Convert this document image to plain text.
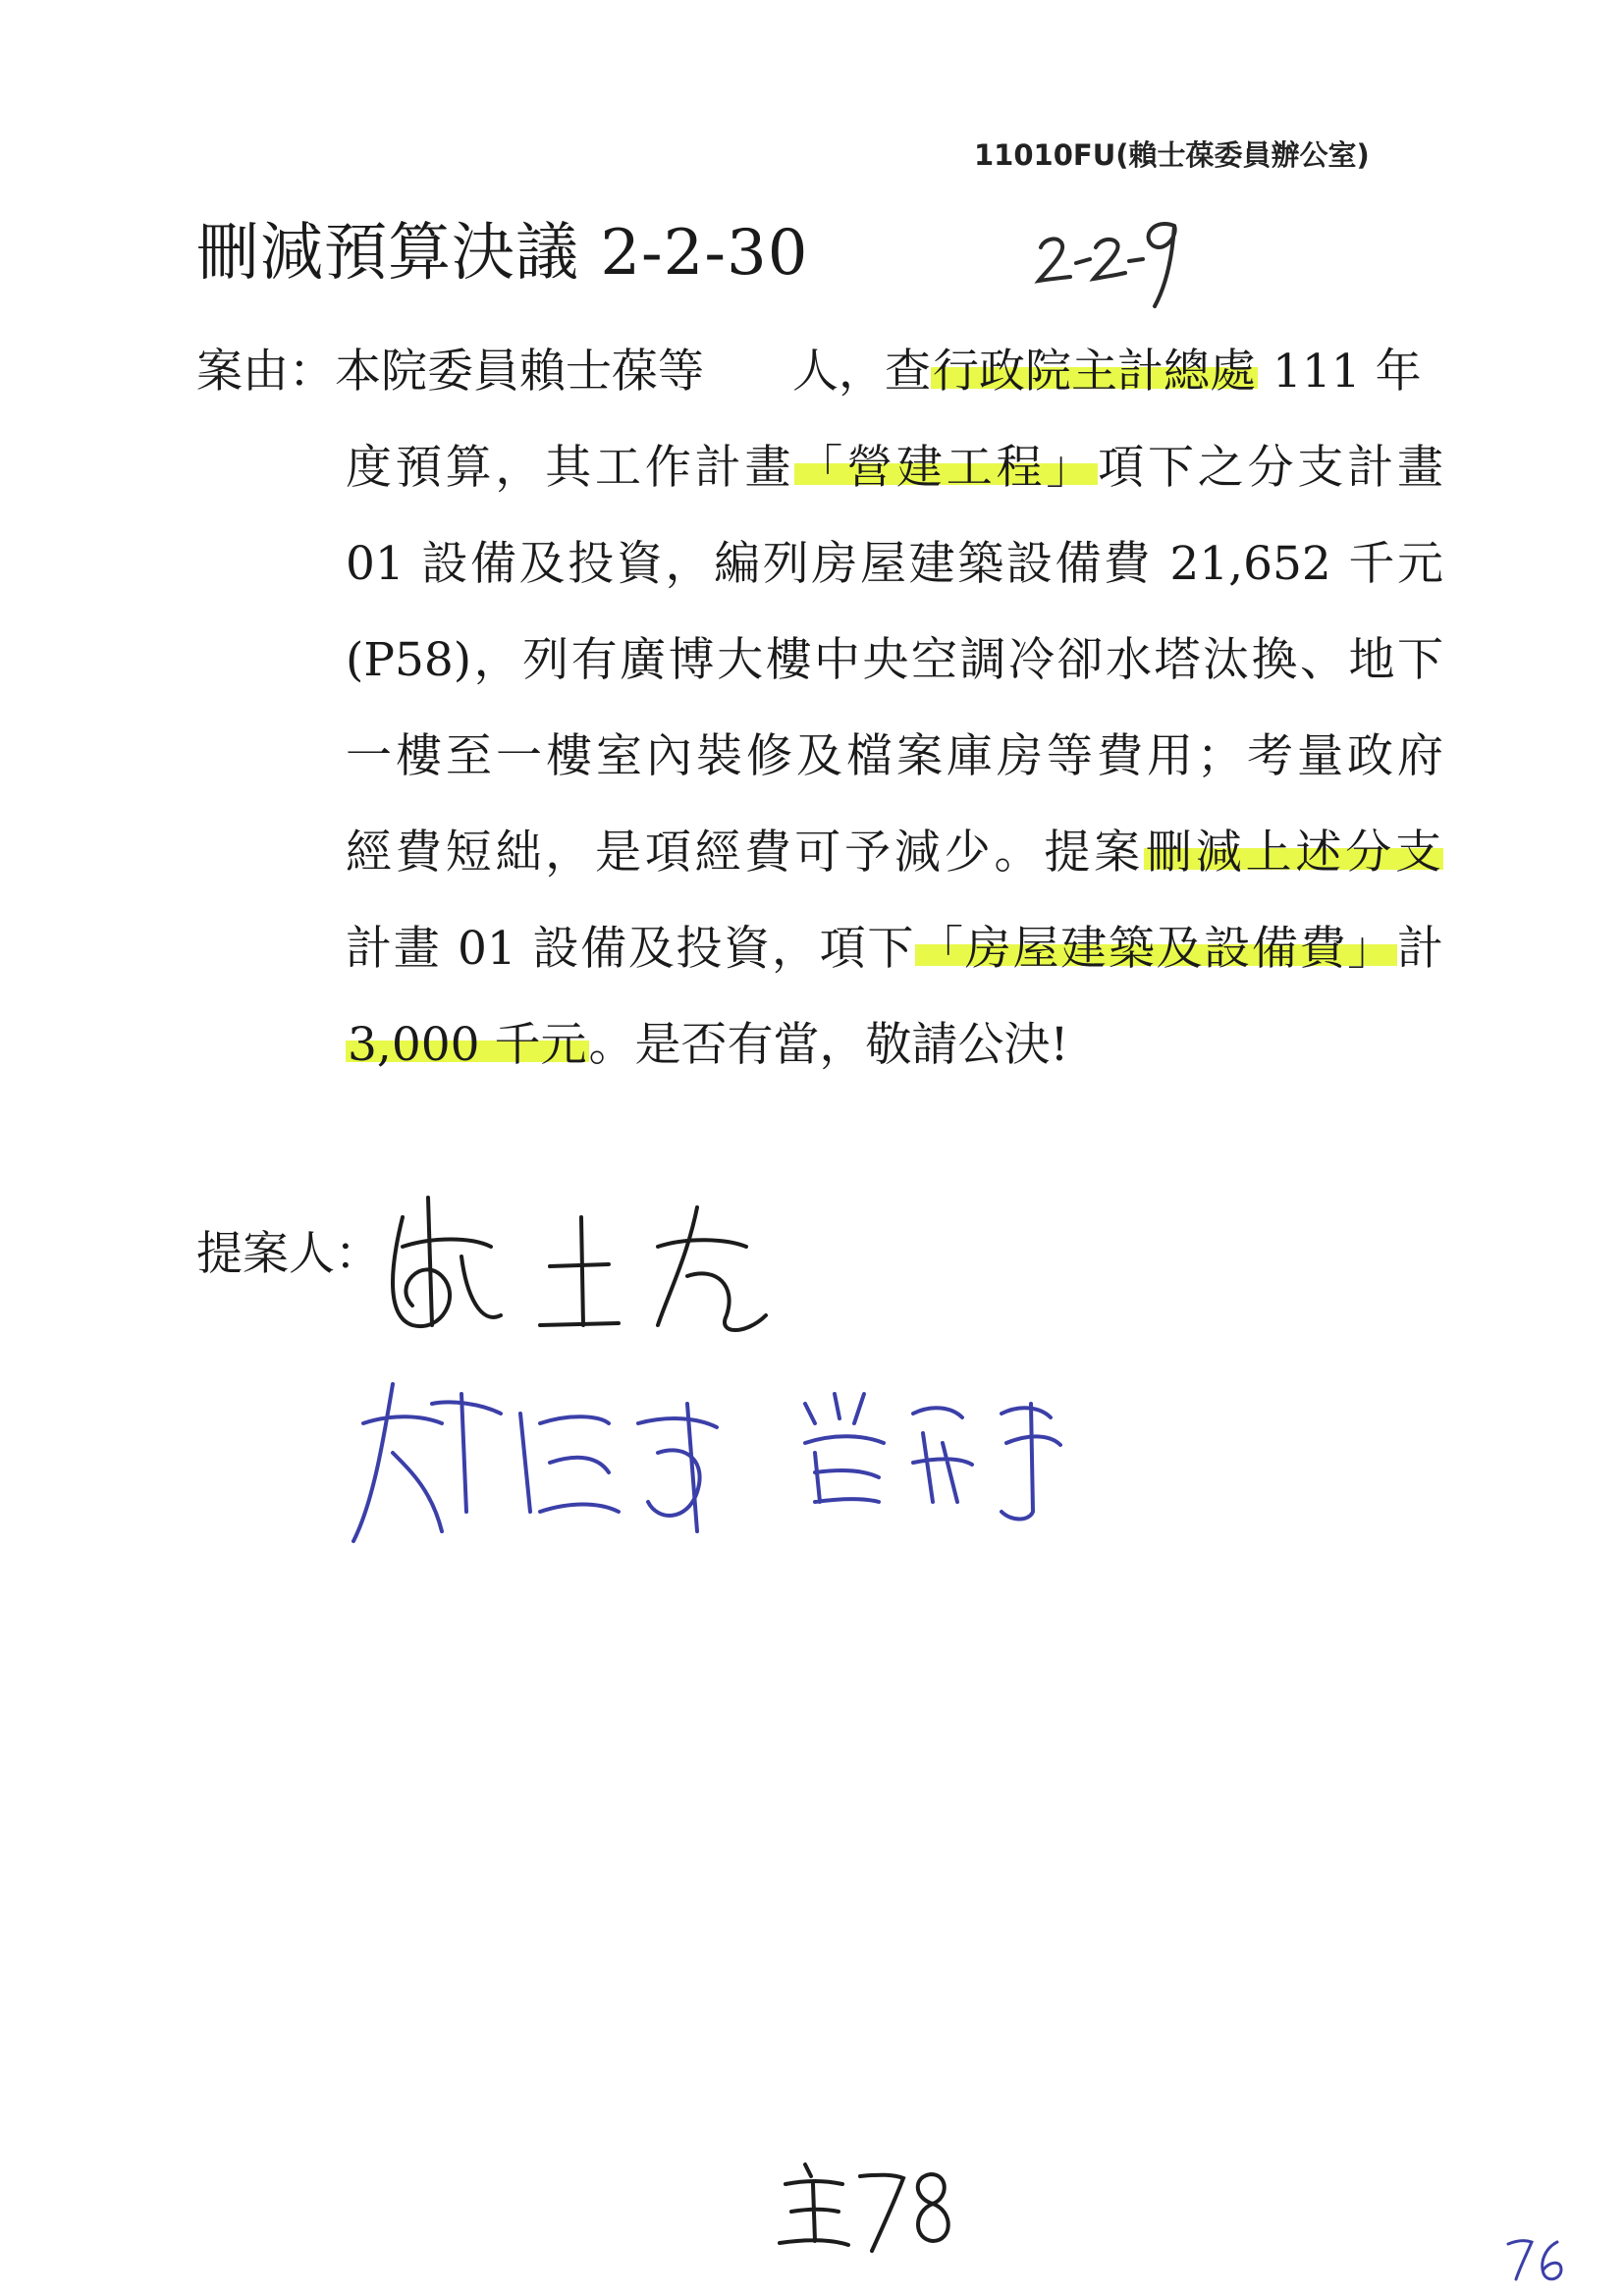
11010FU(賴士葆委員辦公室)
刪減預算決議 2-2-30
案由：本院委員賴士葆等 人，查行政院主計總處 111 年
度預算，其工作計畫「營建工程」項下之分支計畫
01 設備及投資，編列房屋建築設備費 21,652 千元
(P58)，列有廣博大樓中央空調冷卻水塔汰換、地下
一樓至一樓室內裝修及檔案庫房等費用；考量政府
經費短絀，是項經費可予減少。提案刪減上述分支
計畫 01 設備及投資，項下「房屋建築及設備費」計
3,000 千元。是否有當，敬請公決!
提案人：
